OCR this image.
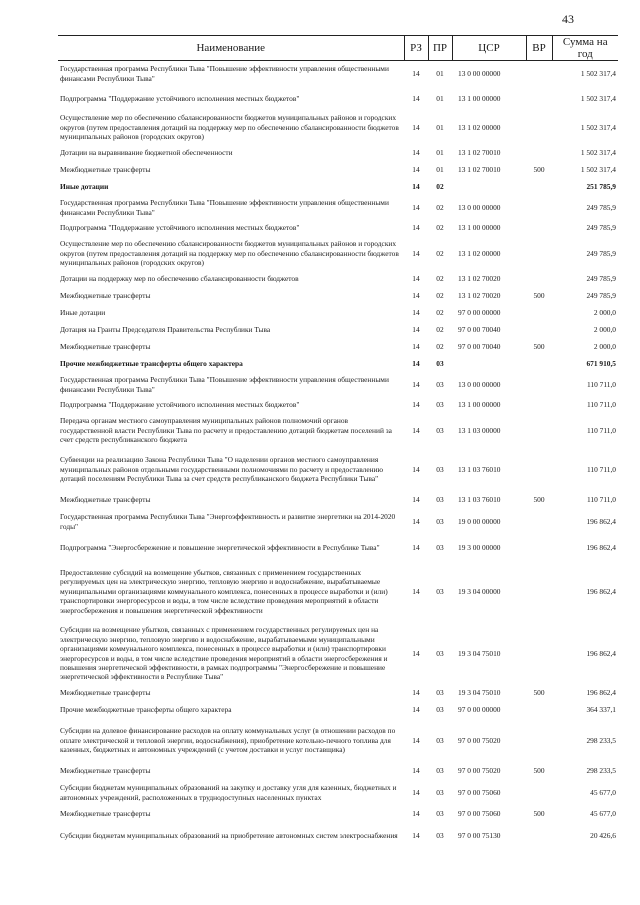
43
Наименование	РЗ	ПР	ЦСР	ВР	Сумма на год
Государственная программа Республики Тыва "Повышение эффективности управления общественными финансами Республики Тыва"	14	01	13 0 00 00000		1 502 317,4
Подпрограмма "Поддержание устойчивого исполнения местных бюджетов"	14	01	13 1 00 00000		1 502 317,4
Осуществление мер по обеспечению сбалансированности бюджетов муниципальных районов и городских округов (путем предоставления дотаций на поддержку мер по обеспечению сбалансированности бюджетов муниципальных районов (городских округов)	14	01	13 1 02 00000		1 502 317,4
Дотации на выравнивание бюджетной обеспеченности	14	01	13 1 02 70010		1 502 317,4
Межбюджетные трансферты	14	01	13 1 02 70010	500	1 502 317,4
Иные дотации	14	02			251 785,9
Государственная программа Республики Тыва "Повышение эффективности управления общественными финансами Республики Тыва"	14	02	13 0 00 00000		249 785,9
Подпрограмма "Поддержание устойчивого исполнения местных бюджетов"	14	02	13 1 00 00000		249 785,9
Осуществление мер по обеспечению сбалансированности бюджетов муниципальных районов и городских округов (путем предоставления дотаций на поддержку мер по обеспечению сбалансированности бюджетов муниципальных районов (городских округов)	14	02	13 1 02 00000		249 785,9
Дотации на поддержку мер по обеспечению сбалансированности бюджетов	14	02	13 1 02 70020		249 785,9
Межбюджетные трансферты	14	02	13 1 02 70020	500	249 785,9
Иные дотации	14	02	97 0 00 00000		2 000,0
Дотация на Гранты Председателя Правительства Республики Тыва	14	02	97 0 00 70040		2 000,0
Межбюджетные трансферты	14	02	97 0 00 70040	500	2 000,0
Прочие межбюджетные трансферты общего характера	14	03			671 910,5
Государственная программа Республики Тыва "Повышение эффективности управления общественными финансами Республики Тыва"	14	03	13 0 00 00000		110 711,0
Подпрограмма "Поддержание устойчивого исполнения местных бюджетов"	14	03	13 1 00 00000		110 711,0
Передача органам местного самоуправления муниципальных районов полномочий органов государственной власти Республики Тыва по расчету и предоставлению дотаций бюджетам поселений за счет средств республиканского бюджета	14	03	13 1 03 00000		110 711,0
Субвенции на реализацию Закона Республики Тыва "О наделении органов местного самоуправления муниципальных районов отдельными государственными полномочиями по расчету и предоставлению дотаций поселениям Республики Тыва за счет средств республиканского бюджета Республики Тыва"	14	03	13 1 03 76010		110 711,0
Межбюджетные трансферты	14	03	13 1 03 76010	500	110 711,0
Государственная программа Республики Тыва "Энергоэффективность и развитие энергетики на 2014-2020 годы"	14	03	19 0 00 00000		196 862,4
Подпрограмма "Энергосбережение и повышение энергетической эффективности в Республике Тыва"	14	03	19 3 00 00000		196 862,4
Предоставление субсидий на возмещение убытков, связанных с применением государственных регулируемых цен на электрическую энергию, тепловую энергию и водоснабжение, вырабатываемые муниципальными организациями коммунального комплекса, понесенных в процессе выработки и (или) транспортировки энергоресурсов и воды, в том числе вследствие проведения мероприятий в области энергосбережения и повышения энергетической эффективности	14	03	19 3 04 00000		196 862,4
Субсидии на возмещение убытков, связанных с применением государственных регулируемых цен на электрическую энергию, тепловую энергию и водоснабжение, вырабатываемыми муниципальными организациями коммунального комплекса, понесенных в процессе выработки и (или) транспортировки энергоресурсов и воды, в том числе вследствие проведения мероприятий в области энергосбережения и повышения энергетической эффективности, в рамках подпрограммы "Энергосбережение и повышение энергетической эффективности в Республике Тыва"	14	03	19 3 04 75010		196 862,4
Межбюджетные трансферты	14	03	19 3 04 75010	500	196 862,4
Прочие межбюджетные трансферты общего характера	14	03	97 0 00 00000		364 337,1
Субсидии на долевое финансирование расходов на оплату коммунальных услуг (в отношении расходов по оплате электрической и тепловой энергии, водоснабжения), приобретение котельно-печного топлива для казенных, бюджетных и автономных учреждений (с учетом доставки и услуг поставщика)	14	03	97 0 00 75020		298 233,5
Межбюджетные трансферты	14	03	97 0 00 75020	500	298 233,5
Субсидии бюджетам муниципальных образований на закупку и доставку угля для казенных, бюджетных и автономных учреждений, расположенных в труднодоступных населенных пунктах	14	03	97 0 00 75060		45 677,0
Межбюджетные трансферты	14	03	97 0 00 75060	500	45 677,0
Субсидии бюджетам муниципальных образований на приобретение автономных систем электроснабжения	14	03	97 0 00 75130		20 426,6
